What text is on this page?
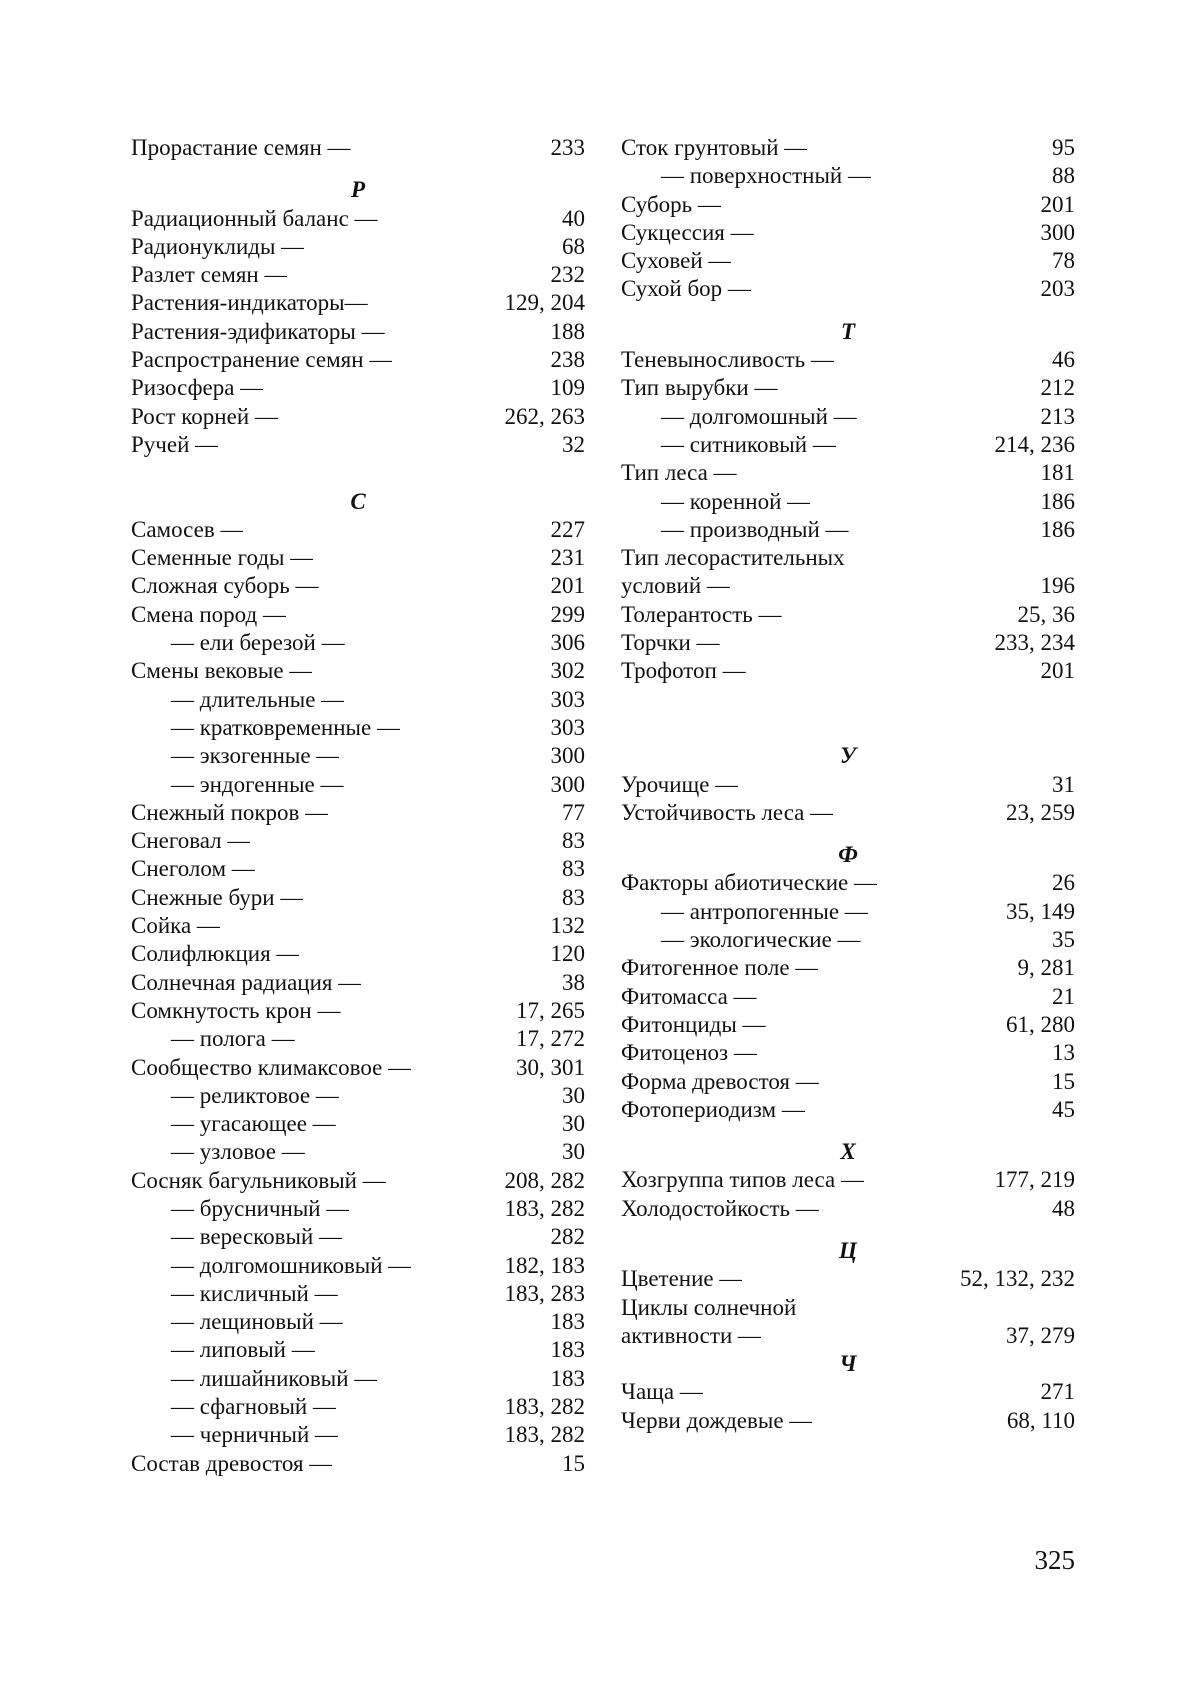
Прорастание семян —	233
Р
Радиационный баланс —	40
Радионуклиды —	68
Разлет семян —	232
Растения-индикаторы—	129, 204
Растения-эдификаторы —	188
Распространение семян —	238
Ризосфера —	109
Рост корней —	262, 263
Ручей —	32
С
Самосев —	227
Семенные годы —	231
Сложная суборь —	201
Смена пород —	299
— ели березой —	306
Смены вековые —	302
— длительные —	303
— кратковременные —	303
— экзогенные —	300
— эндогенные —	300
Снежный покров —	77
Снеговал —	83
Снеголом —	83
Снежные бури —	83
Сойка —	132
Солифлюкция —	120
Солнечная радиация —	38
Сомкнутость крон —	17, 265
— полога —	17, 272
Сообщество климаксовое —	30, 301
— реликтовое —	30
— угасающее —	30
— узловое —	30
Сосняк багульниковый —	208, 282
— брусничный —	183, 282
— вересковый —	282
— долгомошниковый —	182, 183
— кисличный —	183, 283
— лещиновый —	183
— липовый —	183
— лишайниковый —	183
— сфагновый —	183, 282
— черничный —	183, 282
Состав древостоя —	15
Сток грунтовый —	95
— поверхностный —	88
Суборь —	201
Сукцессия —	300
Суховей —	78
Сухой бор —	203
Т
Теневыносливость —	46
Тип вырубки —	212
— долгомошный —	213
— ситниковый —	214, 236
Тип леса —	181
— коренной —	186
— производный —	186
Тип лесорастительных
условий —	196
Толерантость —	25, 36
Торчки —	233, 234
Трофотоп —	201
У
Урочище —	31
Устойчивость леса —	23, 259
Ф
Факторы абиотические —	26
— антропогенные —	35, 149
— экологические —	35
Фитогенное поле —	9, 281
Фитомасса —	21
Фитонциды —	61, 280
Фитоценоз —	13
Форма древостоя —	15
Фотопериодизм —	45
Х
Хозгруппа типов леса —	177, 219
Холодостойкость —	48
Ц
Цветение —	52, 132, 232
Циклы солнечной
активности —	37, 279
Ч
Чаща —	271
Черви дождевые —	68, 110
325
